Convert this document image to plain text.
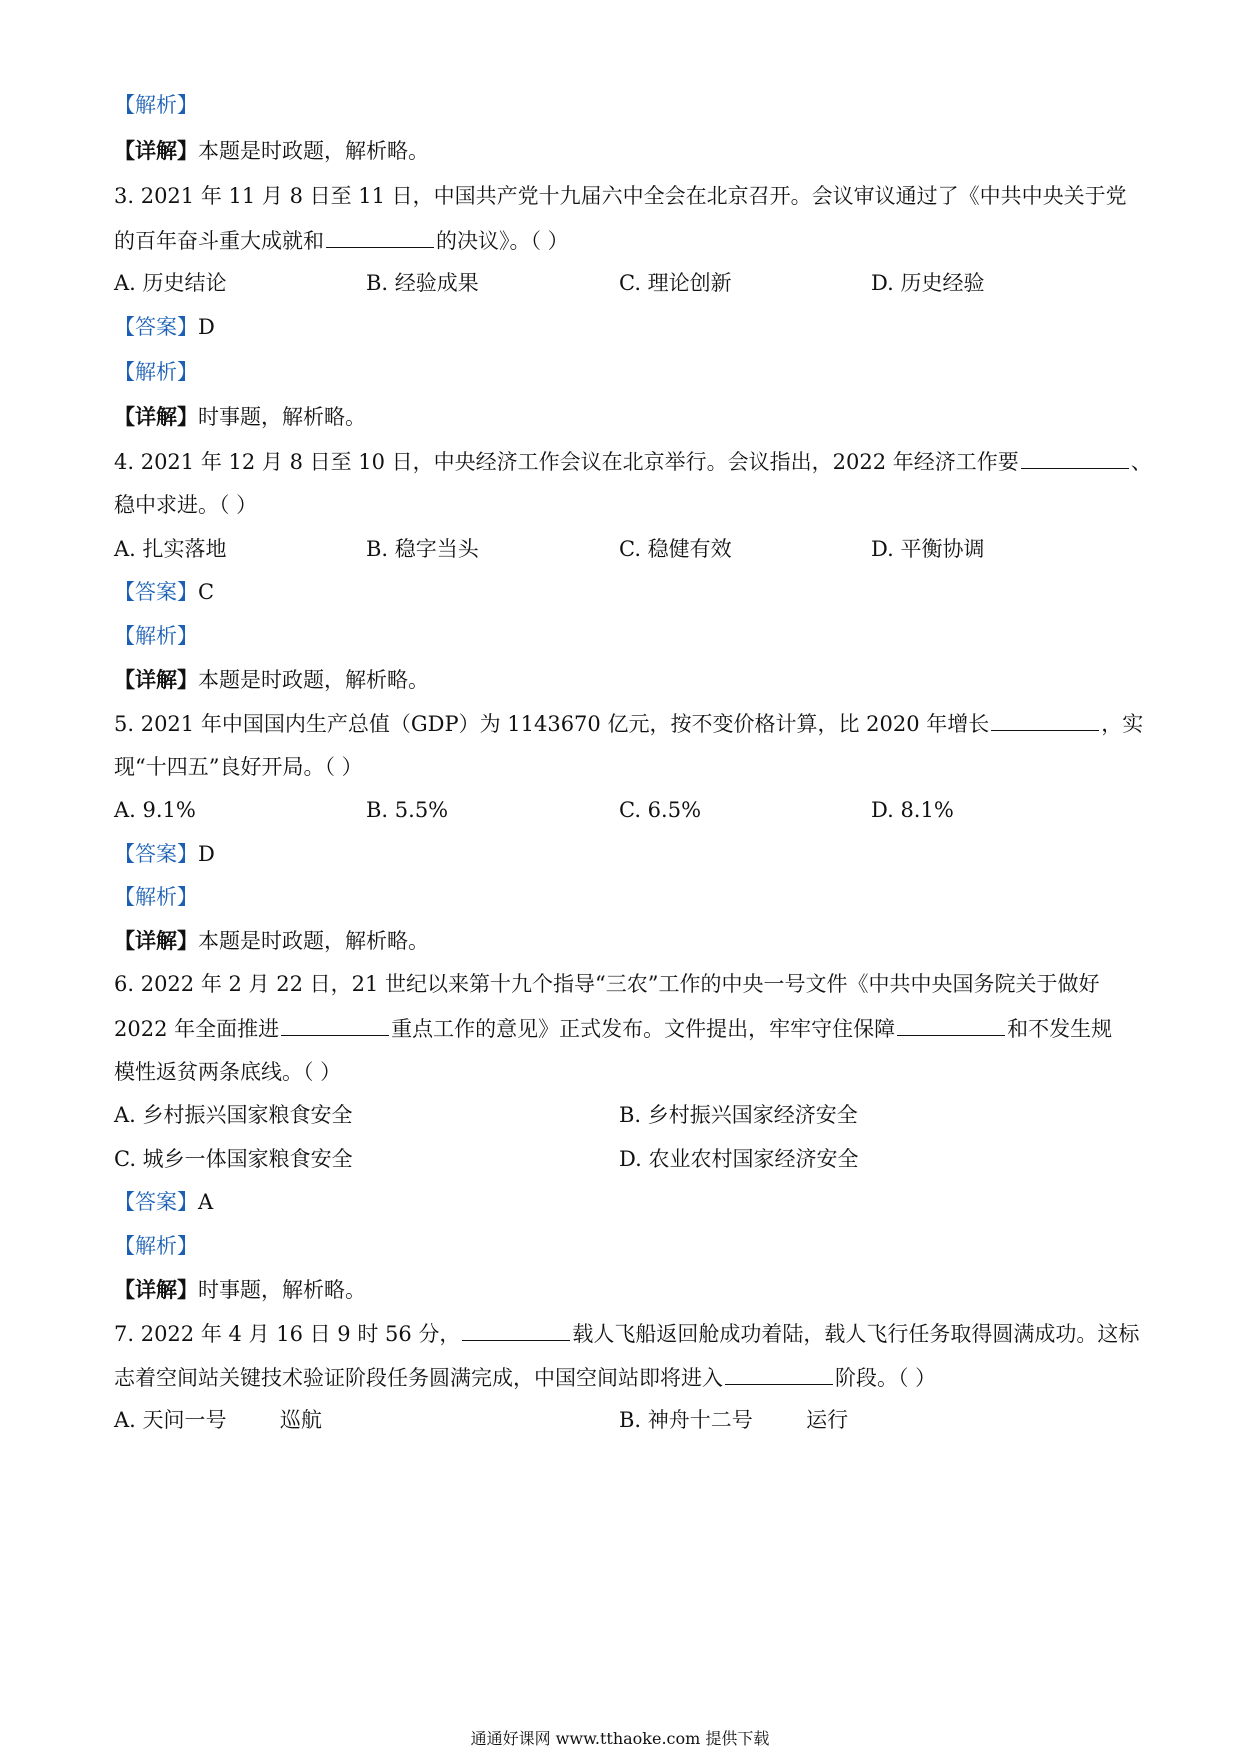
【解析】
【详解】本题是时政题，解析略。
3. 2021 年 11 月 8 日至 11 日，中国共产党十九届六中全会在北京召开。会议审议通过了《中共中央关于党
的百年奋斗重大成就和	的决议》。（ ）
A. 历史结论	B. 经验成果	C. 理论创新	D. 历史经验
【答案】D
【解析】
【详解】时事题，解析略。
4. 2021 年 12 月 8 日至 10 日，中央经济工作会议在北京举行。会议指出，2022 年经济工作要	、
稳中求进。（ ）
A. 扎实落地	B. 稳字当头	C. 稳健有效	D. 平衡协调
【答案】C
【解析】
【详解】本题是时政题，解析略。
5. 2021 年中国国内生产总值（GDP）为 1143670 亿元，按不变价格计算，比 2020 年增长	，实
现“十四五”良好开局。（ ）
A. 9.1%	B. 5.5%	C. 6.5%	D. 8.1%
【答案】D
【解析】
【详解】本题是时政题，解析略。
6. 2022 年 2 月 22 日，21 世纪以来第十九个指导“三农”工作的中央一号文件《中共中央国务院关于做好
2022 年全面推进	重点工作的意见》正式发布。文件提出，牢牢守住保障	和不发生规
模性返贫两条底线。（ ）
A. 乡村振兴国家粮食安全	B. 乡村振兴国家经济安全
C. 城乡一体国家粮食安全	D. 农业农村国家经济安全
【答案】A
【解析】
【详解】时事题，解析略。
7. 2022 年 4 月 16 日 9 时 56 分，	载人飞船返回舱成功着陆，载人飞行任务取得圆满成功。这标
志着空间站关键技术验证阶段任务圆满完成，中国空间站即将进入	阶段。（ ）
A. 天问一号        巡航	B. 神舟十二号        运行
通通好课网 www.tthaoke.com 提供下载
